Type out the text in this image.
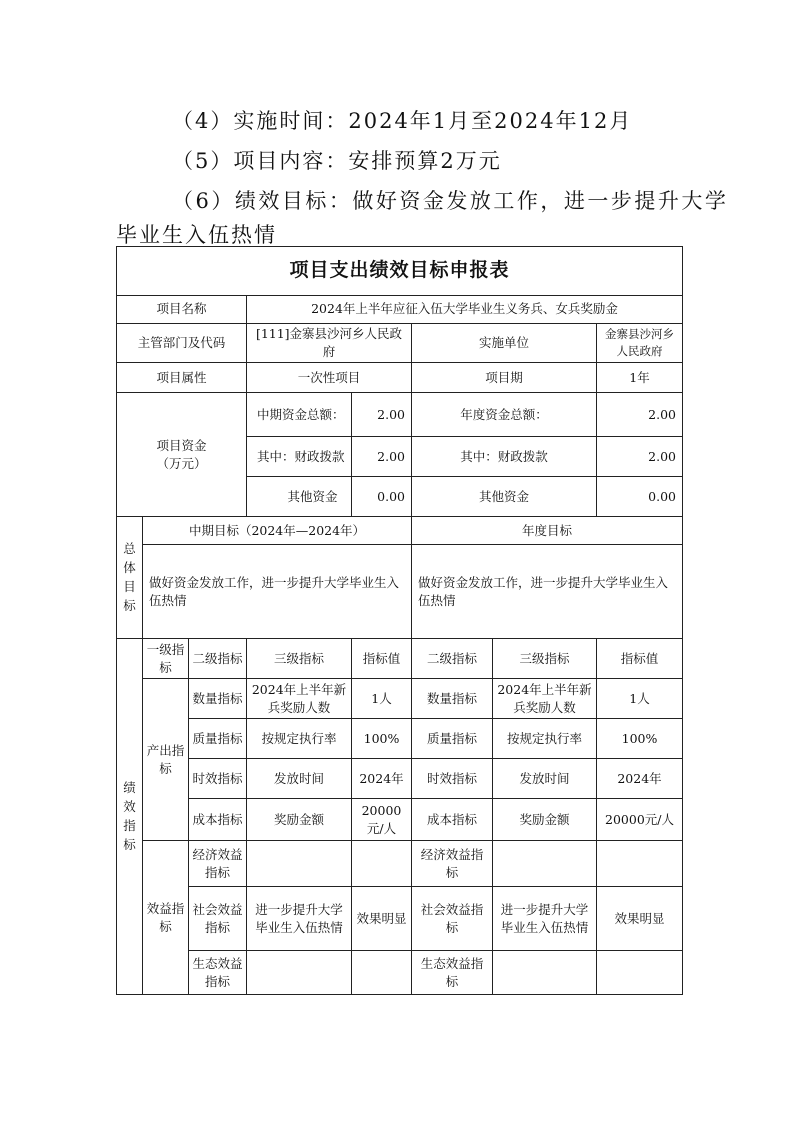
（4）实施时间：2024年1月至2024年12月
（5）项目内容：安排预算2万元
（6）绩效目标：做好资金发放工作，进一步提升大学
毕业生入伍热情
项目支出绩效目标申报表							
项目名称			2024年上半年应征入伍大学毕业生义务兵、女兵奖励金				
主管部门及代码			[111]金寨县沙河乡人民政府		实施单位		金寨县沙河乡人民政府
项目属性			一次性项目		项目期		1年

项目资金
（万元）			中期资金总额：	2.00	年度资金总额：		2.00
			其中：财政拨款	2.00	其中：财政拨款		2.00
			其他资金	0.00	其他资金		0.00
总体目标	中期目标（2024年—2024年）				年度目标		
	做好资金发放工作，进一步提升大学毕业生入伍热情				做好资金发放工作，进一步提升大学毕业生入伍热情		
绩效指标	一级指标	二级指标	三级指标	指标值	二级指标	三级指标	指标值
	产出指标	数量指标	2024年上半年新兵奖励人数	1人	数量指标	2024年上半年新兵奖励人数	1人
		质量指标	按规定执行率	100%	质量指标	按规定执行率	100%
		时效指标	发放时间	2024年	时效指标	发放时间	2024年
		成本指标	奖励金额	20000元/人	成本指标	奖励金额	20000元/人
	效益指标	经济效益指标			经济效益指标		
		社会效益指标	进一步提升大学毕业生入伍热情	效果明显	社会效益指标	进一步提升大学毕业生入伍热情	效果明显
		生态效益指标			生态效益指标		
